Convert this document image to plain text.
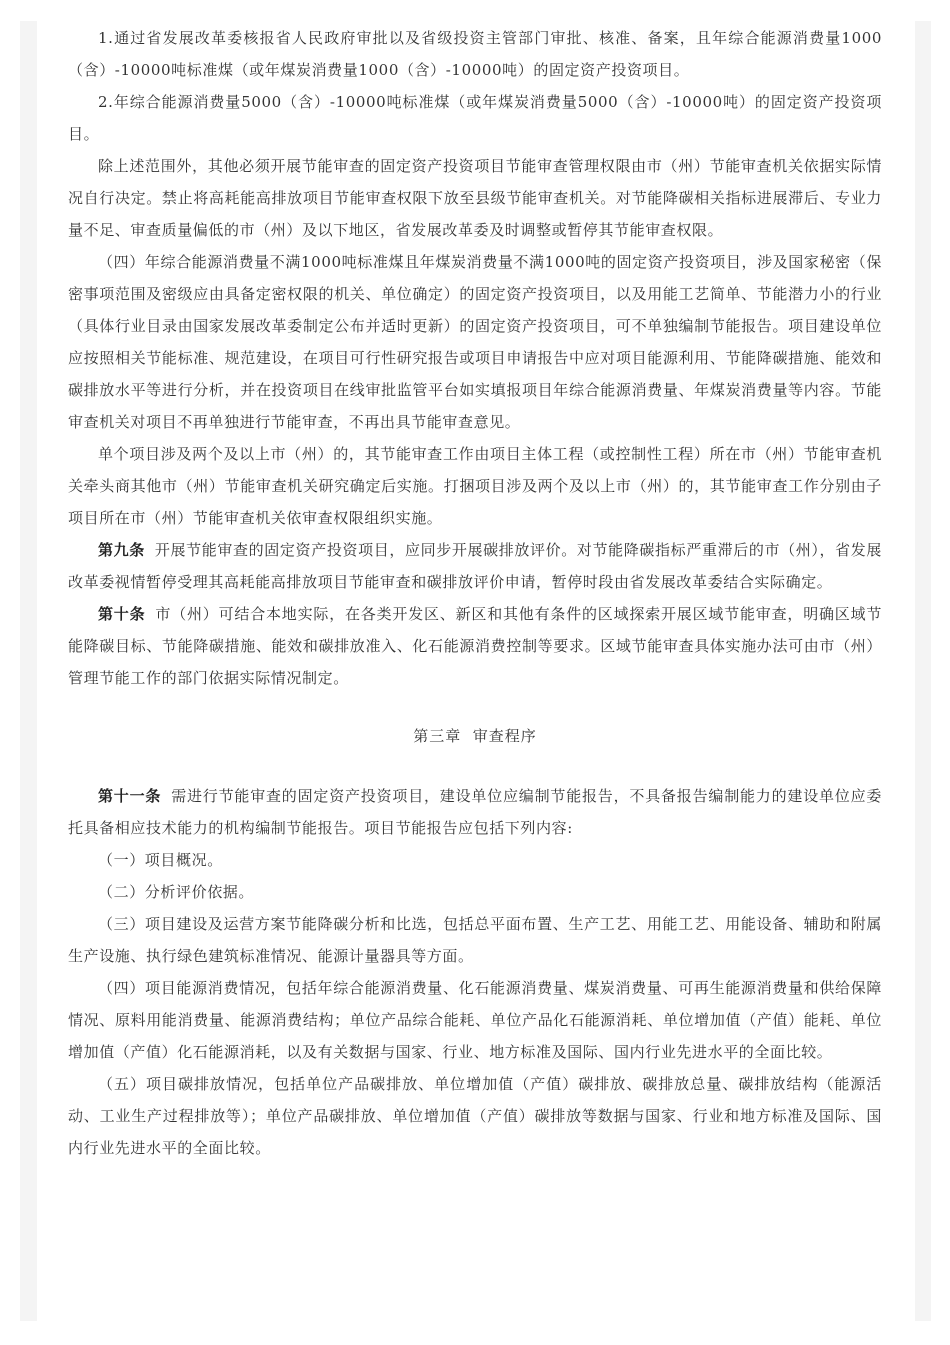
1.通过省发展改革委核报省人民政府审批以及省级投资主管部门审批、核准、备案，且年综合能源消费量1000（含）-10000吨标准煤（或年煤炭消费量1000（含）-10000吨）的固定资产投资项目。

2.年综合能源消费量5000（含）-10000吨标准煤（或年煤炭消费量5000（含）-10000吨）的固定资产投资项目。

除上述范围外，其他必须开展节能审查的固定资产投资项目节能审查管理权限由市（州）节能审查机关依据实际情况自行决定。禁止将高耗能高排放项目节能审查权限下放至县级节能审查机关。对节能降碳相关指标进展滞后、专业力量不足、审查质量偏低的市（州）及以下地区，省发展改革委及时调整或暂停其节能审查权限。

（四）年综合能源消费量不满1000吨标准煤且年煤炭消费量不满1000吨的固定资产投资项目，涉及国家秘密（保密事项范围及密级应由具备定密权限的机关、单位确定）的固定资产投资项目，以及用能工艺简单、节能潜力小的行业（具体行业目录由国家发展改革委制定公布并适时更新）的固定资产投资项目，可不单独编制节能报告。项目建设单位应按照相关节能标准、规范建设，在项目可行性研究报告或项目申请报告中应对项目能源利用、节能降碳措施、能效和碳排放水平等进行分析，并在投资项目在线审批监管平台如实填报项目年综合能源消费量、年煤炭消费量等内容。节能审查机关对项目不再单独进行节能审查，不再出具节能审查意见。

单个项目涉及两个及以上市（州）的，其节能审查工作由项目主体工程（或控制性工程）所在市（州）节能审查机关牵头商其他市（州）节能审查机关研究确定后实施。打捆项目涉及两个及以上市（州）的，其节能审查工作分别由子项目所在市（州）节能审查机关依审查权限组织实施。

第九条 开展节能审查的固定资产投资项目，应同步开展碳排放评价。对节能降碳指标严重滞后的市（州），省发展改革委视情暂停受理其高耗能高排放项目节能审查和碳排放评价申请，暂停时段由省发展改革委结合实际确定。

第十条 市（州）可结合本地实际，在各类开发区、新区和其他有条件的区域探索开展区域节能审查，明确区域节能降碳目标、节能降碳措施、能效和碳排放准入、化石能源消费控制等要求。区域节能审查具体实施办法可由市（州）管理节能工作的部门依据实际情况制定。

第三章  审查程序

第十一条 需进行节能审查的固定资产投资项目，建设单位应编制节能报告，不具备报告编制能力的建设单位应委托具备相应技术能力的机构编制节能报告。项目节能报告应包括下列内容:

（一）项目概况。

（二）分析评价依据。

（三）项目建设及运营方案节能降碳分析和比选，包括总平面布置、生产工艺、用能工艺、用能设备、辅助和附属生产设施、执行绿色建筑标准情况、能源计量器具等方面。

（四）项目能源消费情况，包括年综合能源消费量、化石能源消费量、煤炭消费量、可再生能源消费量和供给保障情况、原料用能消费量、能源消费结构；单位产品综合能耗、单位产品化石能源消耗、单位增加值（产值）能耗、单位增加值（产值）化石能源消耗，以及有关数据与国家、行业、地方标准及国际、国内行业先进水平的全面比较。

（五）项目碳排放情况，包括单位产品碳排放、单位增加值（产值）碳排放、碳排放总量、碳排放结构（能源活动、工业生产过程排放等）；单位产品碳排放、单位增加值（产值）碳排放等数据与国家、行业和地方标准及国际、国内行业先进水平的全面比较。
